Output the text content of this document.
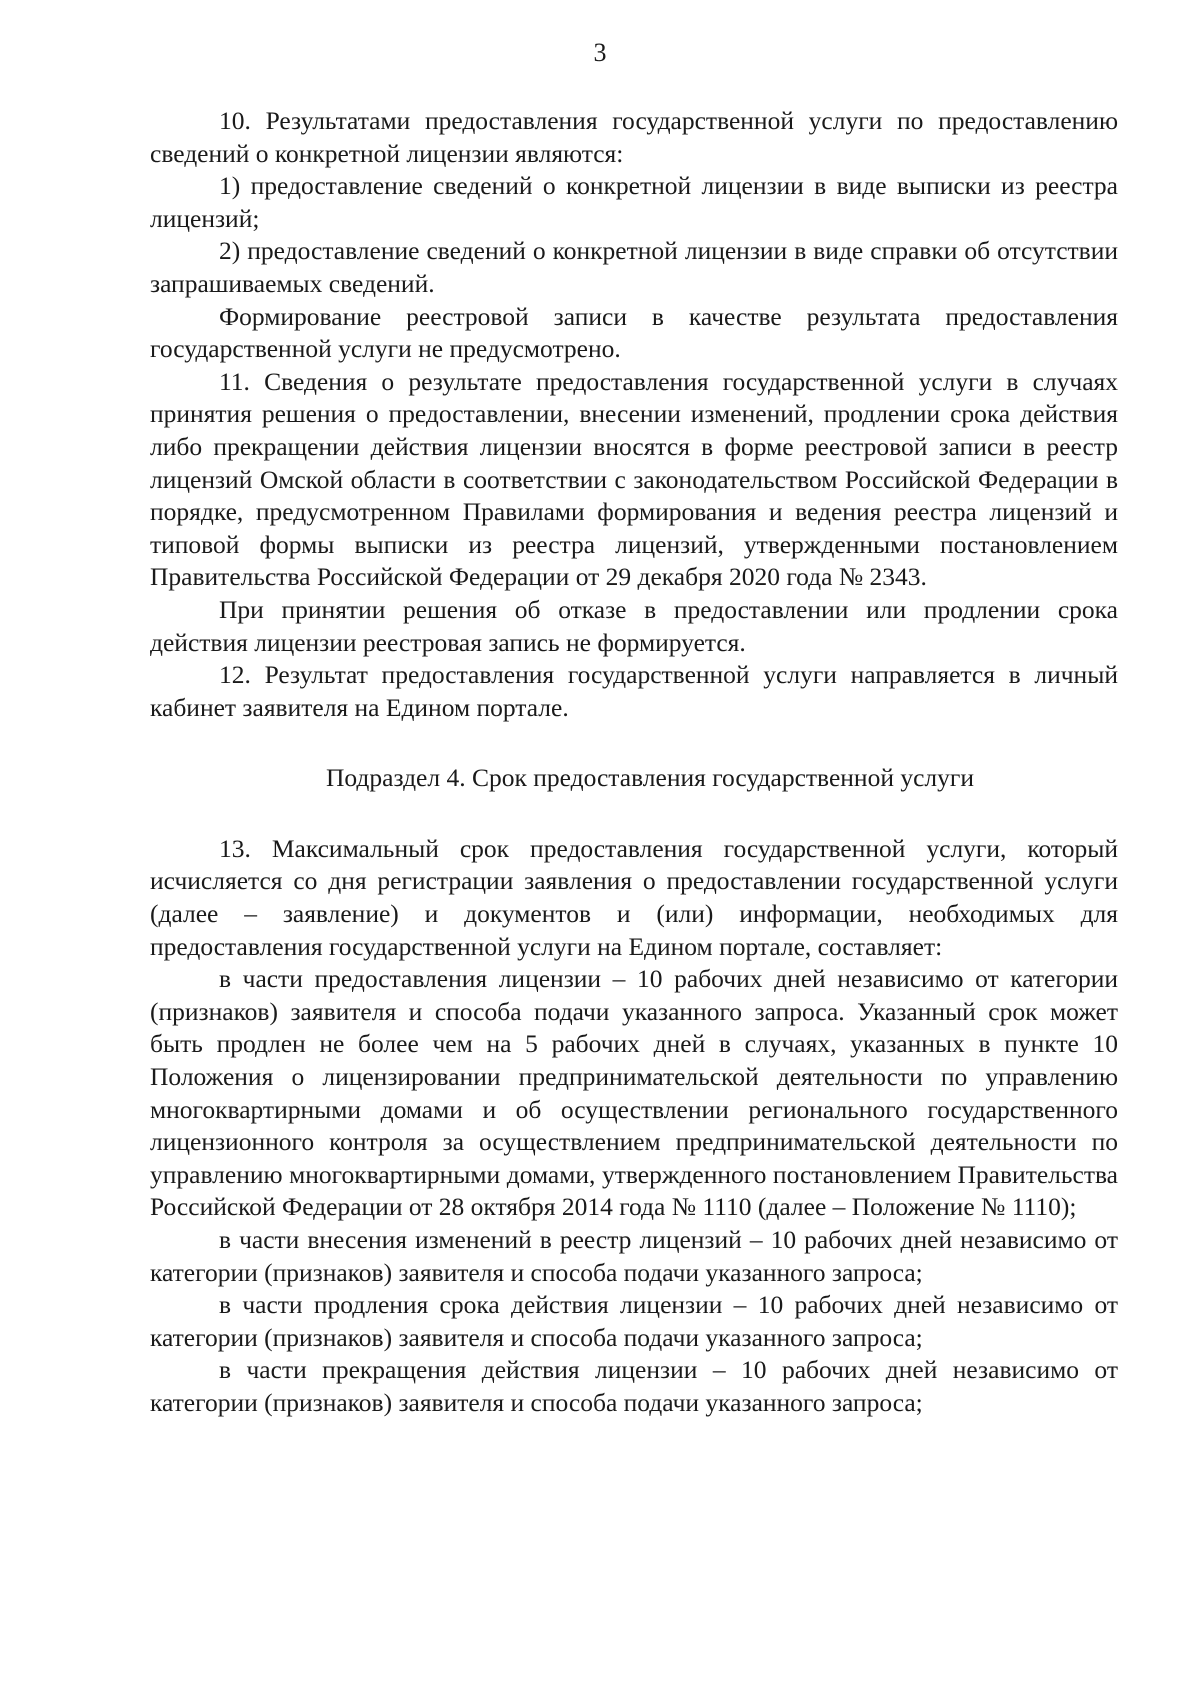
3

10. Результатами предоставления государственной услуги по предоставлению сведений о конкретной лицензии являются:

1) предоставление сведений о конкретной лицензии в виде выписки из реестра лицензий;

2) предоставление сведений о конкретной лицензии в виде справки об отсутствии запрашиваемых сведений.

Формирование реестровой записи в качестве результата предоставления государственной услуги не предусмотрено.

11. Сведения о результате предоставления государственной услуги в случаях принятия решения о предоставлении, внесении изменений, продлении срока действия либо прекращении действия лицензии вносятся в форме реестровой записи в реестр лицензий Омской области в соответствии с законодательством Российской Федерации в порядке, предусмотренном Правилами формирования и ведения реестра лицензий и типовой формы выписки из реестра лицензий, утвержденными постановлением Правительства Российской Федерации от 29 декабря 2020 года № 2343.

При принятии решения об отказе в предоставлении или продлении срока действия лицензии реестровая запись не формируется.

12. Результат предоставления государственной услуги направляется в личный кабинет заявителя на Едином портале.

Подраздел 4. Срок предоставления государственной услуги

13. Максимальный срок предоставления государственной услуги, который исчисляется со дня регистрации заявления о предоставлении государственной услуги (далее – заявление) и документов и (или) информации, необходимых для предоставления государственной услуги на Едином портале, составляет:

в части предоставления лицензии – 10 рабочих дней независимо от категории (признаков) заявителя и способа подачи указанного запроса. Указанный срок может быть продлен не более чем на 5 рабочих дней в случаях, указанных в пункте 10 Положения о лицензировании предпринимательской деятельности по управлению многоквартирными домами и об осуществлении регионального государственного лицензионного контроля за осуществлением предпринимательской деятельности по управлению многоквартирными домами, утвержденного постановлением Правительства Российской Федерации от 28 октября 2014 года № 1110 (далее – Положение № 1110);

в части внесения изменений в реестр лицензий – 10 рабочих дней независимо от категории (признаков) заявителя и способа подачи указанного запроса;

в части продления срока действия лицензии – 10 рабочих дней независимо от категории (признаков) заявителя и способа подачи указанного запроса;

в части прекращения действия лицензии – 10 рабочих дней независимо от категории (признаков) заявителя и способа подачи указанного запроса;
